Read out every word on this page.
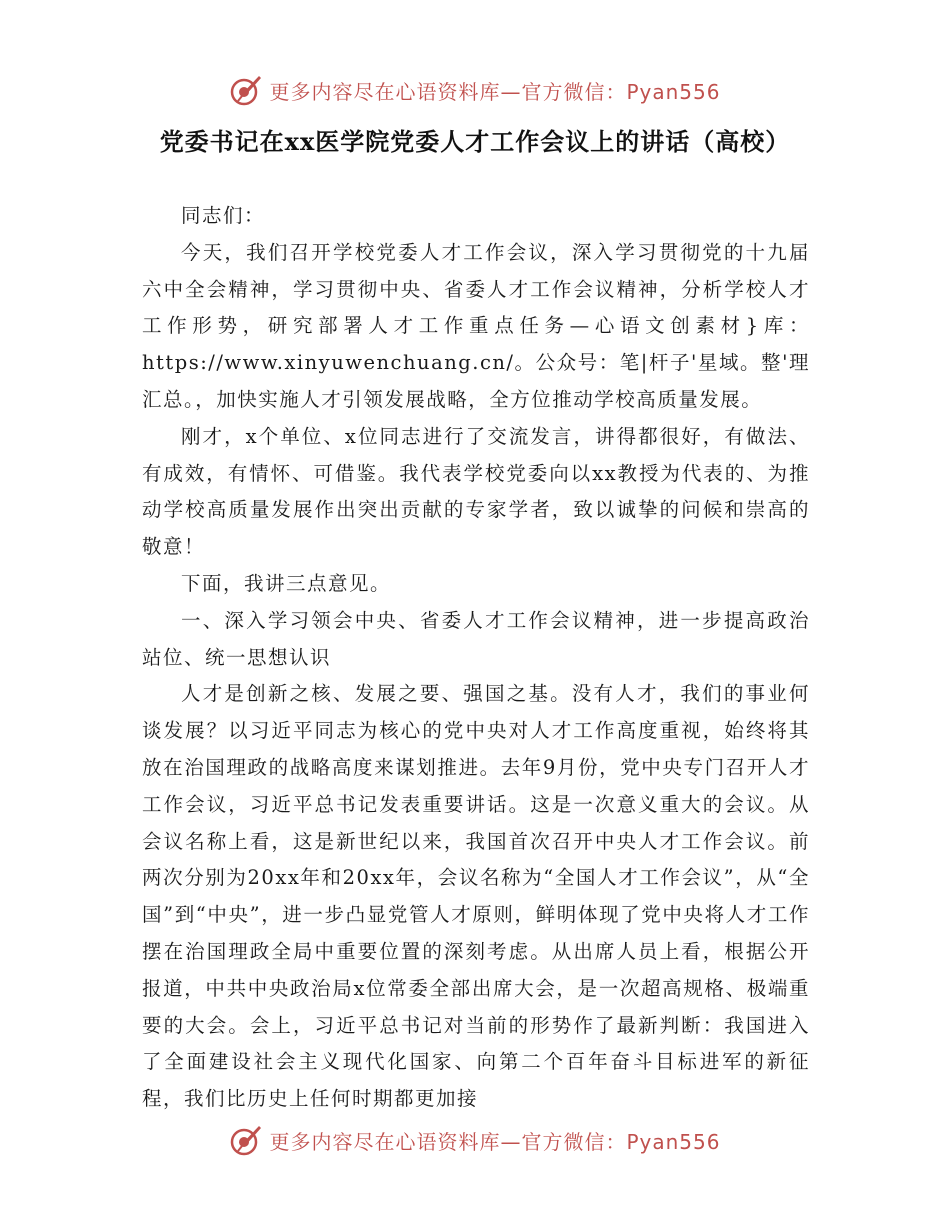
更多内容尽在心语资料库—官方微信：Pyan556
党委书记在xx医学院党委人才工作会议上的讲话（高校）

同志们：

今天，我们召开学校党委人才工作会议，深入学习贯彻党的十九届六中全会精神，学习贯彻中央、省委人才工作会议精神，分析学校人才工作形势，研究部署人才工作重点任务—心语文创素材}库：https://www.xinyuwenchuang.cn/。公众号：笔|杆子'星域。整'理汇总。，加快实施人才引领发展战略，全方位推动学校高质量发展。

刚才，x个单位、x位同志进行了交流发言，讲得都很好，有做法、有成效，有情怀、可借鉴。我代表学校党委向以xx教授为代表的、为推动学校高质量发展作出突出贡献的专家学者，致以诚挚的问候和崇高的敬意！

下面，我讲三点意见。

一、深入学习领会中央、省委人才工作会议精神，进一步提高政治站位、统一思想认识

人才是创新之核、发展之要、强国之基。没有人才，我们的事业何谈发展？以习近平同志为核心的党中央对人才工作高度重视，始终将其放在治国理政的战略高度来谋划推进。去年9月份，党中央专门召开人才工作会议，习近平总书记发表重要讲话。这是一次意义重大的会议。从会议名称上看，这是新世纪以来，我国首次召开中央人才工作会议。前两次分别为20xx年和20xx年，会议名称为“全国人才工作会议”，从“全国”到“中央”，进一步凸显党管人才原则，鲜明体现了党中央将人才工作摆在治国理政全局中重要位置的深刻考虑。从出席人员上看，根据公开报道，中共中央政治局x位常委全部出席大会，是一次超高规格、极端重要的大会。会上，习近平总书记对当前的形势作了最新判断：我国进入了全面建设社会主义现代化国家、向第二个百年奋斗目标进军的新征程，我们比历史上任何时期都更加接

更多内容尽在心语资料库—官方微信：Pyan556
